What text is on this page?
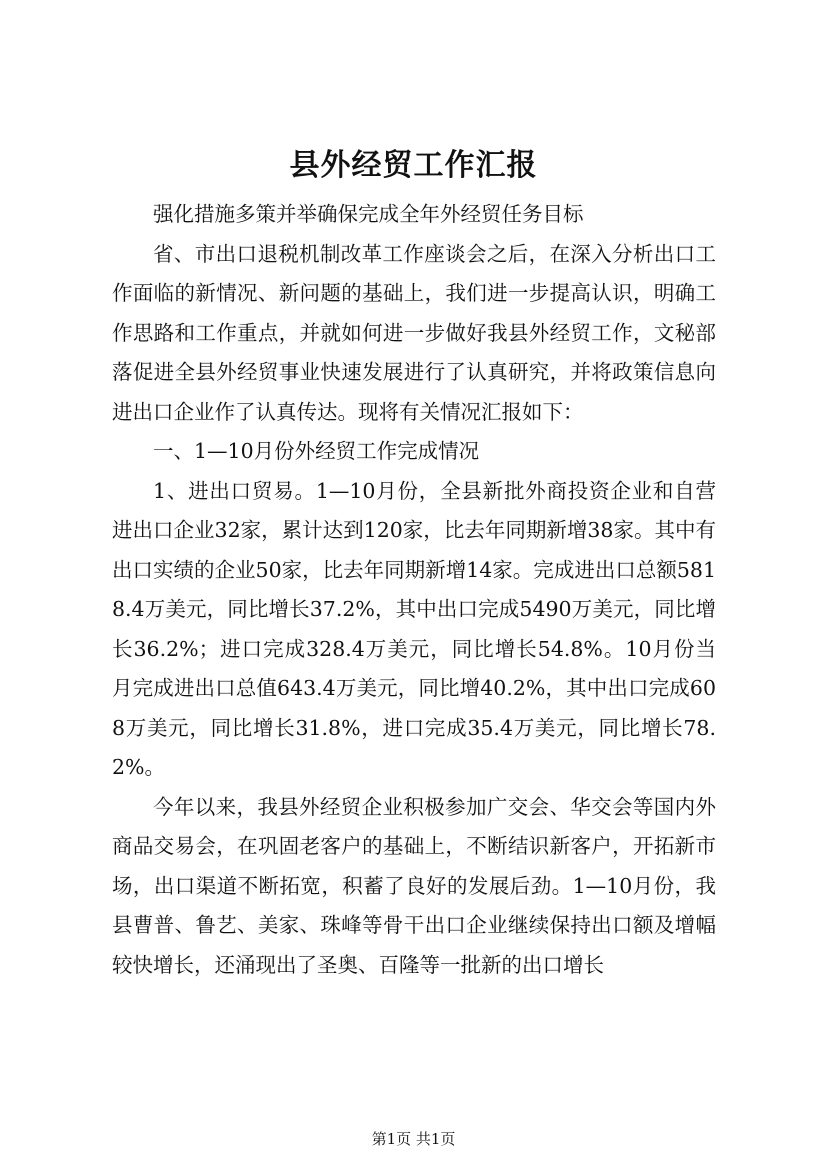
县外经贸工作汇报

强化措施多策并举确保完成全年外经贸任务目标

省、市出口退税机制改革工作座谈会之后，在深入分析出口工作面临的新情况、新问题的基础上，我们进一步提高认识，明确工作思路和工作重点，并就如何进一步做好我县外经贸工作，文秘部落促进全县外经贸事业快速发展进行了认真研究，并将政策信息向进出口企业作了认真传达。现将有关情况汇报如下：

一、1—10月份外经贸工作完成情况

1、进出口贸易。1—10月份，全县新批外商投资企业和自营进出口企业32家，累计达到120家，比去年同期新增38家。其中有出口实绩的企业50家，比去年同期新增14家。完成进出口总额5818.4万美元，同比增长37.2%，其中出口完成5490万美元，同比增长36.2%；进口完成328.4万美元，同比增长54.8%。10月份当月完成进出口总值643.4万美元，同比增40.2%，其中出口完成608万美元，同比增长31.8%，进口完成35.4万美元，同比增长78.2%。

今年以来，我县外经贸企业积极参加广交会、华交会等国内外商品交易会，在巩固老客户的基础上，不断结识新客户，开拓新市场，出口渠道不断拓宽，积蓄了良好的发展后劲。1—10月份，我县曹普、鲁艺、美家、珠峰等骨干出口企业继续保持出口额及增幅较快增长，还涌现出了圣奥、百隆等一批新的出口增长

第1页 共1页
